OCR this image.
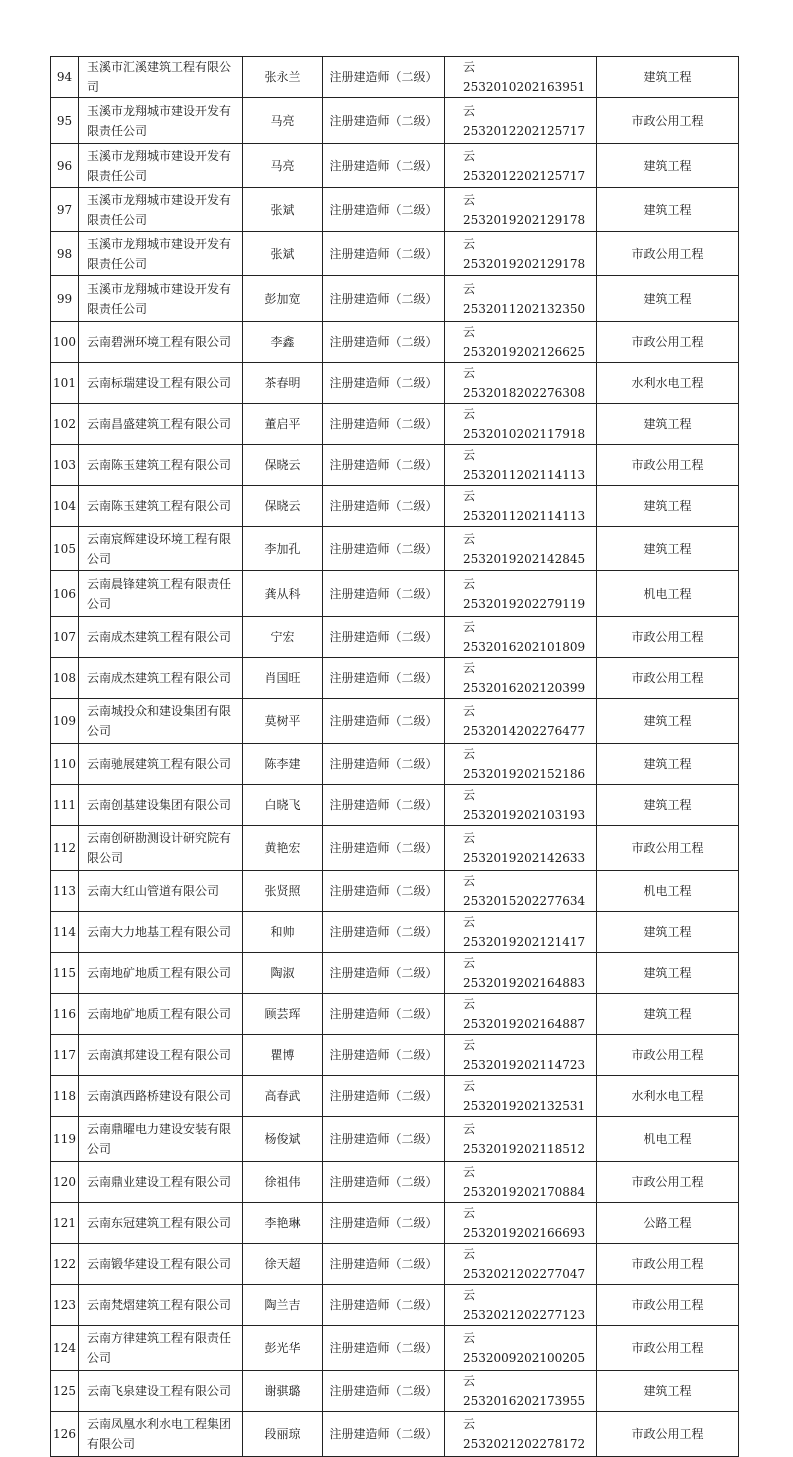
94	玉溪市汇溪建筑工程有限公司	张永兰	注册建造师（二级）	云 2532010202163951	建筑工程
95	玉溪市龙翔城市建设开发有限责任公司	马亮	注册建造师（二级）	云 2532012202125717	市政公用工程
96	玉溪市龙翔城市建设开发有限责任公司	马亮	注册建造师（二级）	云 2532012202125717	建筑工程
97	玉溪市龙翔城市建设开发有限责任公司	张斌	注册建造师（二级）	云 2532019202129178	建筑工程
98	玉溪市龙翔城市建设开发有限责任公司	张斌	注册建造师（二级）	云 2532019202129178	市政公用工程
99	玉溪市龙翔城市建设开发有限责任公司	彭加宽	注册建造师（二级）	云 2532011202132350	建筑工程
100	云南碧洲环境工程有限公司	李鑫	注册建造师（二级）	云 2532019202126625	市政公用工程
101	云南标瑞建设工程有限公司	茶春明	注册建造师（二级）	云 2532018202276308	水利水电工程
102	云南昌盛建筑工程有限公司	董启平	注册建造师（二级）	云 2532010202117918	建筑工程
103	云南陈玉建筑工程有限公司	保晓云	注册建造师（二级）	云 2532011202114113	市政公用工程
104	云南陈玉建筑工程有限公司	保晓云	注册建造师（二级）	云 2532011202114113	建筑工程
105	云南宸辉建设环境工程有限公司	李加孔	注册建造师（二级）	云 2532019202142845	建筑工程
106	云南晨锋建筑工程有限责任公司	龚从科	注册建造师（二级）	云 2532019202279119	机电工程
107	云南成杰建筑工程有限公司	宁宏	注册建造师（二级）	云 2532016202101809	市政公用工程
108	云南成杰建筑工程有限公司	肖国旺	注册建造师（二级）	云 2532016202120399	市政公用工程
109	云南城投众和建设集团有限公司	莫树平	注册建造师（二级）	云 2532014202276477	建筑工程
110	云南驰展建筑工程有限公司	陈李建	注册建造师（二级）	云 2532019202152186	建筑工程
111	云南创基建设集团有限公司	白晓飞	注册建造师（二级）	云 2532019202103193	建筑工程
112	云南创研勘测设计研究院有限公司	黄艳宏	注册建造师（二级）	云 2532019202142633	市政公用工程
113	云南大红山管道有限公司	张贤照	注册建造师（二级）	云 2532015202277634	机电工程
114	云南大力地基工程有限公司	和帅	注册建造师（二级）	云 2532019202121417	建筑工程
115	云南地矿地质工程有限公司	陶淑	注册建造师（二级）	云 2532019202164883	建筑工程
116	云南地矿地质工程有限公司	顾芸珲	注册建造师（二级）	云 2532019202164887	建筑工程
117	云南滇邦建设工程有限公司	瞿博	注册建造师（二级）	云 2532019202114723	市政公用工程
118	云南滇西路桥建设有限公司	高春武	注册建造师（二级）	云 2532019202132531	水利水电工程
119	云南鼎曜电力建设安装有限公司	杨俊斌	注册建造师（二级）	云 2532019202118512	机电工程
120	云南鼎业建设工程有限公司	徐祖伟	注册建造师（二级）	云 2532019202170884	市政公用工程
121	云南东冠建筑工程有限公司	李艳琳	注册建造师（二级）	云 2532019202166693	公路工程
122	云南锻华建设工程有限公司	徐天超	注册建造师（二级）	云 2532021202277047	市政公用工程
123	云南梵熠建筑工程有限公司	陶兰吉	注册建造师（二级）	云 2532021202277123	市政公用工程
124	云南方律建筑工程有限责任公司	彭光华	注册建造师（二级）	云 2532009202100205	市政公用工程
125	云南飞泉建设工程有限公司	谢骐璐	注册建造师（二级）	云 2532016202173955	建筑工程
126	云南凤凰水利水电工程集团有限公司	段丽琼	注册建造师（二级）	云 2532021202278172	市政公用工程
